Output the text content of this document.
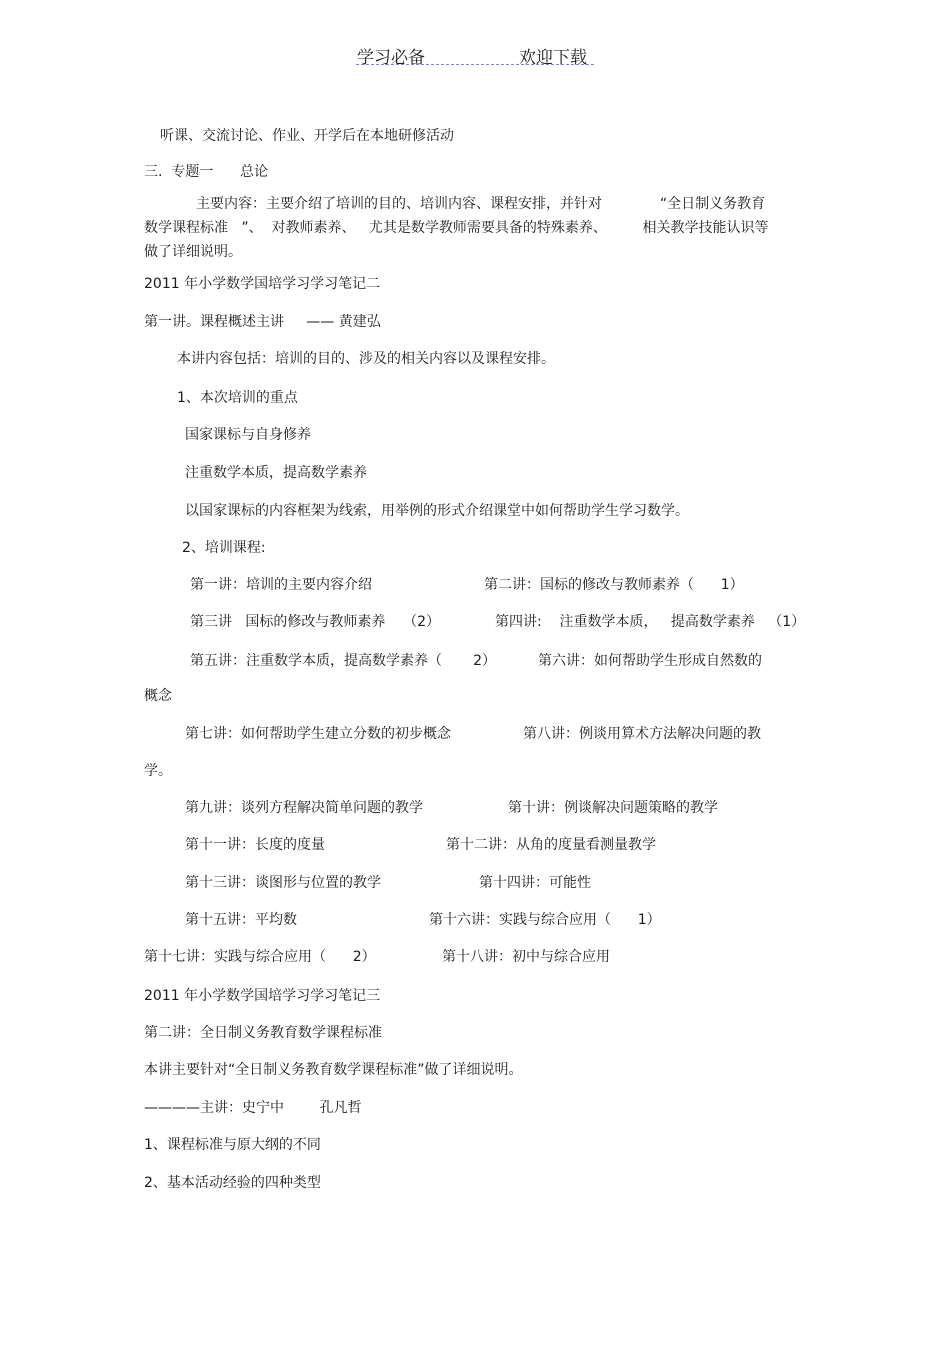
学习必备	欢迎下载
听课、交流讨论、作业、开学后在本地研修活动
三.  专题一      总论
主要内容：主要介绍了培训的目的、培训内容、课程安排，并针对             “全日制义务教育
数学课程标准   ”、  对教师素养、   尤其是数学教师需要具备的特殊素养、        相关教学技能认识等
做了详细说明。
2011 年小学数学国培学习学习笔记二
第一讲。课程概述主讲     —— 黄建弘
本讲内容包括：培训的目的、涉及的相关内容以及课程安排。
1、本次培训的重点
国家课标与自身修养
注重数学本质，提高数学素养
以国家课标的内容框架为线索，用举例的形式介绍课堂中如何帮助学生学习数学。
2、培训课程:
第一讲：培训的主要内容介绍	第二讲：国标的修改与教师素养（      1）
第三讲   国标的修改与教师素养    （2）	第四讲:    注重数学本质，   提高数学素养   （1）
第五讲：注重数学本质，提高数学素养（       2）	第六讲：如何帮助学生形成自然数的
概念
第七讲：如何帮助学生建立分数的初步概念	第八讲：例谈用算术方法解决问题的教
学。
第九讲：谈列方程解决简单问题的教学	第十讲：例谈解决问题策略的教学
第十一讲：长度的度量	第十二讲：从角的度量看测量教学
第十三讲：谈图形与位置的教学	第十四讲：可能性
第十五讲：平均数	第十六讲：实践与综合应用（      1）
第十七讲：实践与综合应用（      2）	第十八讲：初中与综合应用
2011 年小学数学国培学习学习笔记三
第二讲：全日制义务教育数学课程标准
本讲主要针对“全日制义务教育数学课程标准”做了详细说明。
————主讲：史宁中        孔凡哲
1、课程标准与原大纲的不同
2、基本活动经验的四种类型
